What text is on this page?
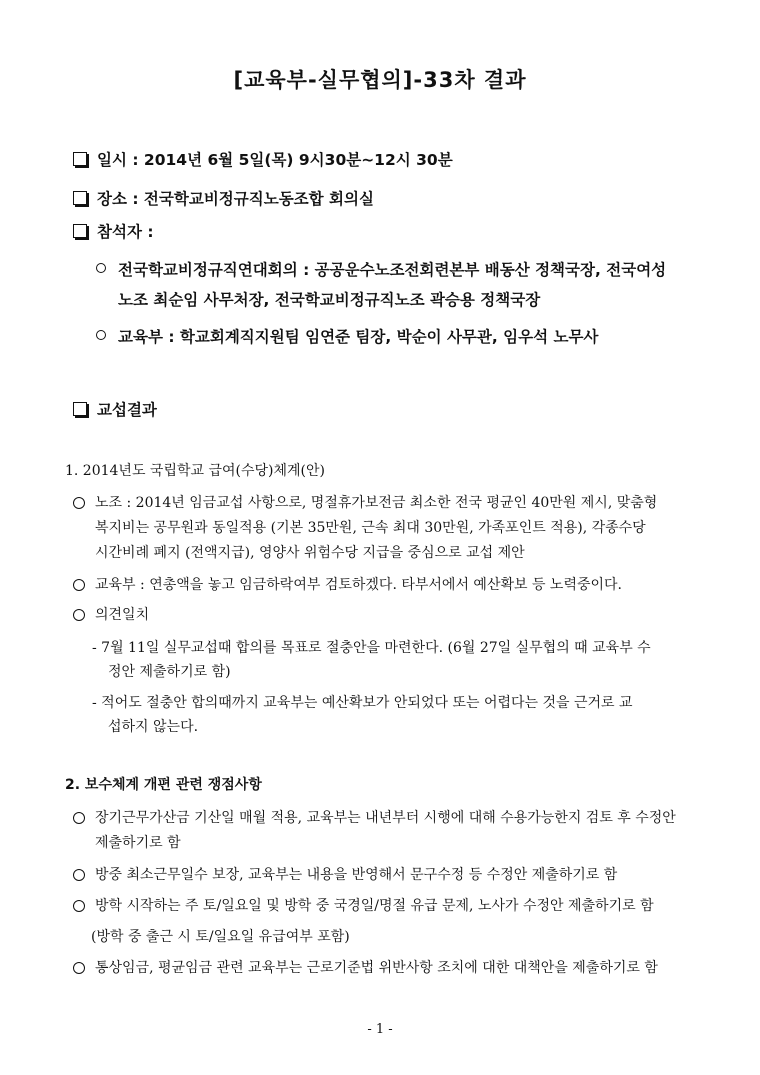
[교육부-실무협의]-33차 결과
일시 : 2014년 6월 5일(목) 9시30분~12시 30분
장소 : 전국학교비정규직노동조합 회의실
참석자 :
전국학교비정규직연대회의 : 공공운수노조전회련본부 배동산 정책국장, 전국여성
노조 최순임 사무처장, 전국학교비정규직노조 곽승용 정책국장
교육부 : 학교회계직지원팀 임연준 팀장, 박순이 사무관, 임우석 노무사
교섭결과
1. 2014년도 국립학교 급여(수당)체계(안)
노조 : 2014년 임금교섭 사항으로, 명절휴가보전금 최소한 전국 평균인 40만원 제시, 맞춤형
복지비는 공무원과 동일적용 (기본 35만원, 근속 최대 30만원, 가족포인트 적용), 각종수당
시간비례 폐지 (전액지급), 영양사 위험수당 지급을 중심으로 교섭 제안
교육부 : 연총액을 놓고 임금하락여부 검토하겠다. 타부서에서 예산확보 등 노력중이다.
의견일치
- 7월 11일 실무교섭때 합의를 목표로 절충안을 마련한다. (6월 27일 실무협의 때 교육부 수
정안 제출하기로 함)
- 적어도 절충안 합의때까지 교육부는 예산확보가 안되었다 또는 어렵다는 것을 근거로 교
섭하지 않는다.
2. 보수체계 개편 관련 쟁점사항
장기근무가산금 기산일 매월 적용, 교육부는 내년부터 시행에 대해 수용가능한지 검토 후 수정안
제출하기로 함
방중 최소근무일수 보장, 교육부는 내용을 반영해서 문구수정 등 수정안 제출하기로 함
방학 시작하는 주 토/일요일 및 방학 중 국경일/명절 유급 문제, 노사가 수정안 제출하기로 함
(방학 중 출근 시 토/일요일 유급여부 포함)
통상임금, 평균임금 관련 교육부는 근로기준법 위반사항 조치에 대한 대책안을 제출하기로 함
- 1 -
